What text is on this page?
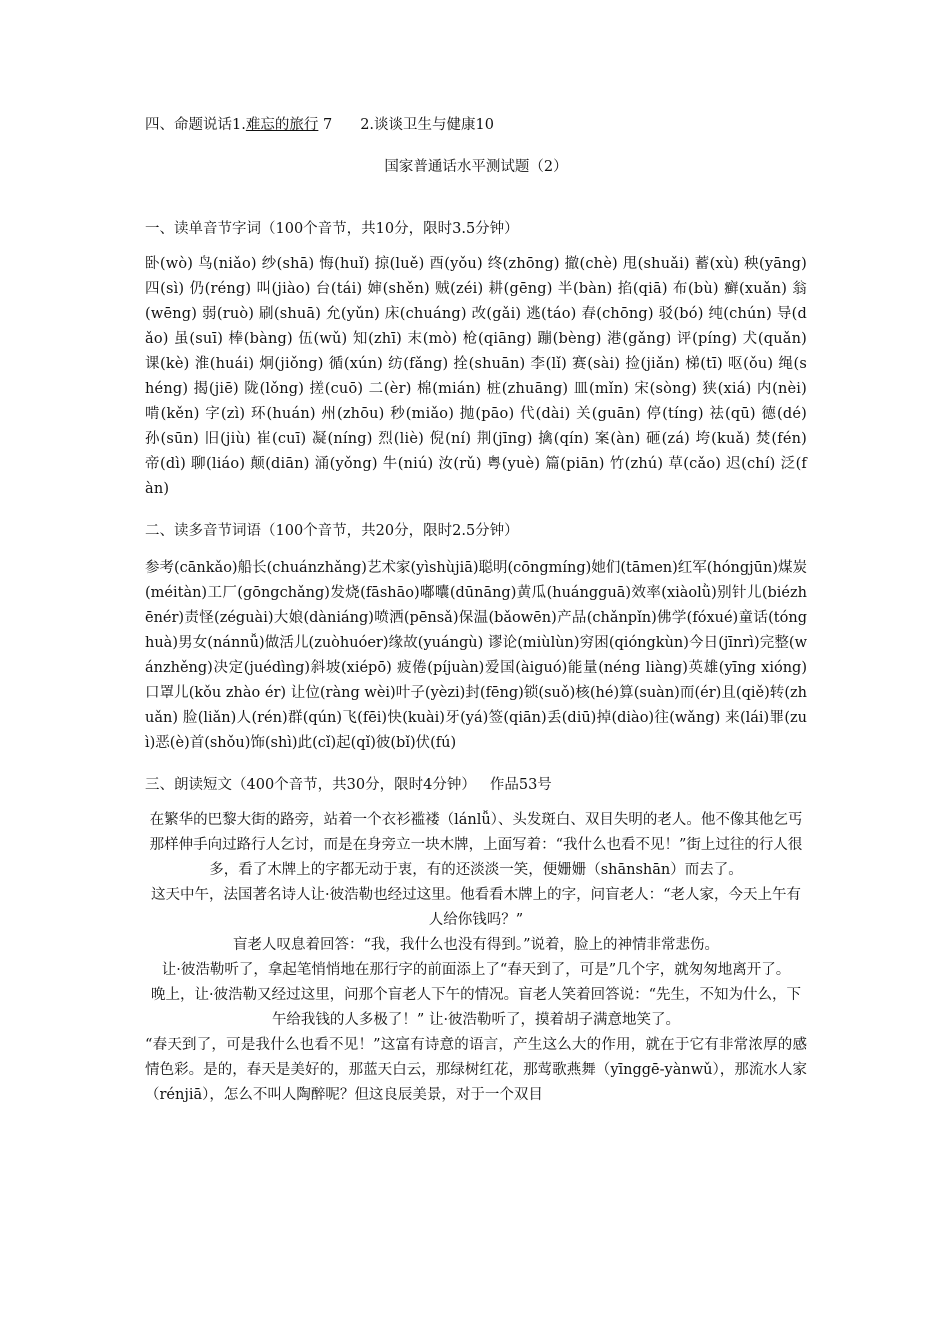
四、命题说话1.难忘的旅行 7 2.谈谈卫生与健康10
国家普通话水平测试题（2）
一、读单音节字词（100个音节，共10分，限时3.5分钟）
卧(wò) 鸟(niǎo) 纱(shā) 悔(huǐ) 掠(luě) 酉(yǒu) 终(zhōng) 撤(chè) 甩(shuǎi) 蓄(xù) 秧(yāng) 四(sì) 仍(réng) 叫(jiào) 台(tái) 婶(shěn) 贼(zéi) 耕(gēng) 半(bàn) 掐(qiā) 布(bù) 癣(xuǎn) 翁(wēng) 弱(ruò) 刷(shuā) 允(yǔn) 床(chuáng) 改(gǎi) 逃(táo) 春(chōng) 驳(bó) 纯(chún) 导(dǎo) 虽(suī) 棒(bàng) 伍(wǔ) 知(zhī) 末(mò) 枪(qiāng) 蹦(bèng) 港(gǎng) 评(píng) 犬(quǎn) 课(kè) 淮(huái) 炯(jiǒng) 循(xún) 纺(fǎng) 拴(shuān) 李(lǐ) 赛(sài) 捡(jiǎn) 梯(tī) 呕(ǒu) 绳(shéng) 揭(jiē) 陇(lǒng) 搓(cuō) 二(èr) 棉(mián) 桩(zhuāng) 皿(mǐn) 宋(sòng) 狭(xiá) 内(nèi) 啃(kěn) 字(zì) 环(huán) 州(zhōu) 秒(miǎo) 抛(pāo) 代(dài) 关(guān) 停(tíng) 祛(qū) 德(dé) 孙(sūn) 旧(jiù) 崔(cuī) 凝(níng) 烈(liè) 倪(ní) 荆(jīng) 擒(qín) 案(àn) 砸(zá) 垮(kuǎ) 焚(fén) 帝(dì) 聊(liáo) 颠(diān) 涌(yǒng) 牛(niú) 汝(rǔ) 粤(yuè) 篇(piān) 竹(zhú) 草(cǎo) 迟(chí) 泛(fàn)
二、读多音节词语（100个音节，共20分，限时2.5分钟）
参考(cānkǎo)船长(chuánzhǎng)艺术家(yìshùjiā)聪明(cōngmíng)她们(tāmen)红军(hóngjūn)煤炭(méitàn)工厂(gōngchǎng)发烧(fāshāo)嘟囔(dūnāng)黄瓜(huángguā)效率(xiàolǜ)别针儿(biézhēnér)责怪(zéguài)大娘(dàniáng)喷洒(pēnsǎ)保温(bǎowēn)产品(chǎnpǐn)佛学(fóxué)童话(tónghuà)男女(nánnǚ)做活儿(zuòhuóer)缘故(yuángù) 谬论(miùlùn)穷困(qióngkùn)今日(jīnrì)完整(wánzhěng)决定(juédìng)斜坡(xiépō) 疲倦(píjuàn)爱国(àiguó)能量(néng liàng)英雄(yīng xióng)口罩儿(kǒu zhào ér) 让位(ràng wèi)叶子(yèzi)封(fēng)锁(suǒ)核(hé)算(suàn)而(ér)且(qiě)转(zhuǎn) 脸(liǎn)人(rén)群(qún)飞(fēi)快(kuài)牙(yá)签(qiān)丢(diū)掉(diào)往(wǎng) 来(lái)罪(zuì)恶(è)首(shǒu)饰(shì)此(cǐ)起(qǐ)彼(bǐ)伏(fú)
三、朗读短文（400个音节，共30分，限时4分钟） 作品53号

在繁华的巴黎大街的路旁，站着一个衣衫褴褛（lánlǚ）、头发斑白、双目失明的老人。他不像其他乞丐那样伸手向过路行人乞讨，而是在身旁立一块木牌，上面写着：“我什么也看不见！”街上过往的行人很多，看了木牌上的字都无动于衷，有的还淡淡一笑，便姗姗（shānshān）而去了。

这天中午，法国著名诗人让·彼浩勒也经过这里。他看看木牌上的字，问盲老人：“老人家，今天上午有人给你钱吗？”

盲老人叹息着回答：“我，我什么也没有得到。”说着，脸上的神情非常悲伤。

让·彼浩勒听了，拿起笔悄悄地在那行字的前面添上了“春天到了，可是”几个字，就匆匆地离开了。

晚上，让·彼浩勒又经过这里，问那个盲老人下午的情况。盲老人笑着回答说：“先生，不知为什么，下午给我钱的人多极了！” 让·彼浩勒听了，摸着胡子满意地笑了。

“春天到了，可是我什么也看不见！”这富有诗意的语言，产生这么大的作用，就在于它有非常浓厚的感情色彩。是的，春天是美好的，那蓝天白云，那绿树红花，那莺歌燕舞（yīnggē-yànwǔ），那流水人家（rénjiā），怎么不叫人陶醉呢？但这良辰美景，对于一个双目
